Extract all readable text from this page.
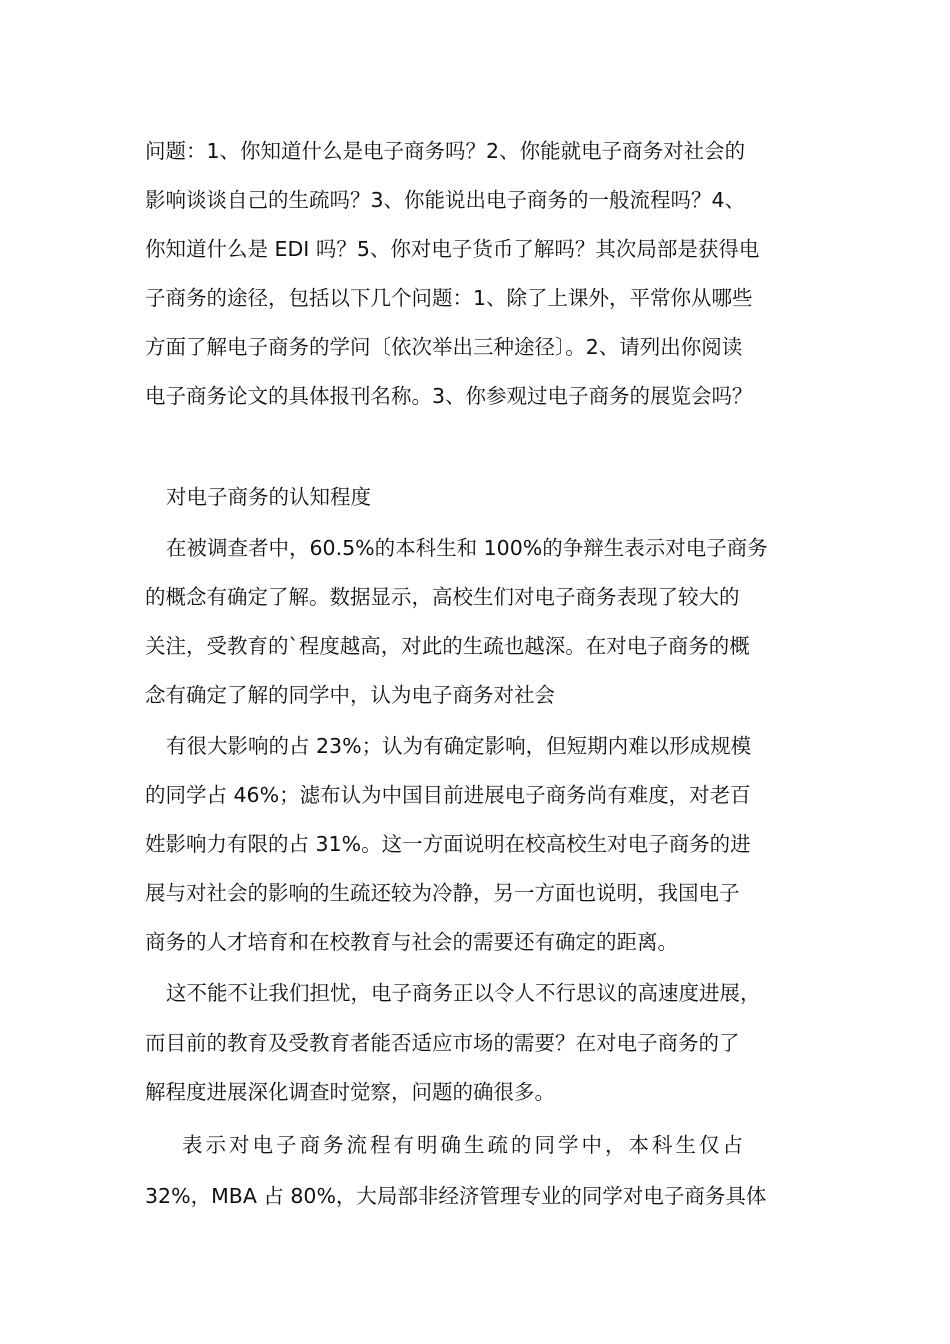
问题：1、你知道什么是电子商务吗？2、你能就电子商务对社会的
影响谈谈自己的生疏吗？3、你能说出电子商务的一般流程吗？4、
你知道什么是 EDI 吗？5、你对电子货币了解吗？其次局部是获得电
子商务的途径，包括以下几个问题：1、除了上课外，平常你从哪些
方面了解电子商务的学问〔依次举出三种途径〕。2、请列出你阅读
电子商务论文的具体报刊名称。3、你参观过电子商务的展览会吗？
对电子商务的认知程度
在被调查者中，60.5%的本科生和 100%的争辩生表示对电子商务
的概念有确定了解。数据显示，高校生们对电子商务表现了较大的
关注，受教育的`程度越高，对此的生疏也越深。在对电子商务的概
念有确定了解的同学中，认为电子商务对社会
有很大影响的占 23%；认为有确定影响，但短期内难以形成规模
的同学占 46%；滤布认为中国目前进展电子商务尚有难度，对老百
姓影响力有限的占 31%。这一方面说明在校高校生对电子商务的进
展与对社会的影响的生疏还较为冷静，另一方面也说明，我国电子
商务的人才培育和在校教育与社会的需要还有确定的距离。
这不能不让我们担忧，电子商务正以令人不行思议的高速度进展，
而目前的教育及受教育者能否适应市场的需要？在对电子商务的了
解程度进展深化调查时觉察，问题的确很多。
表示对电子商务流程有明确生疏的同学中，本科生仅占
32%，MBA 占 80%，大局部非经济管理专业的同学对电子商务具体
